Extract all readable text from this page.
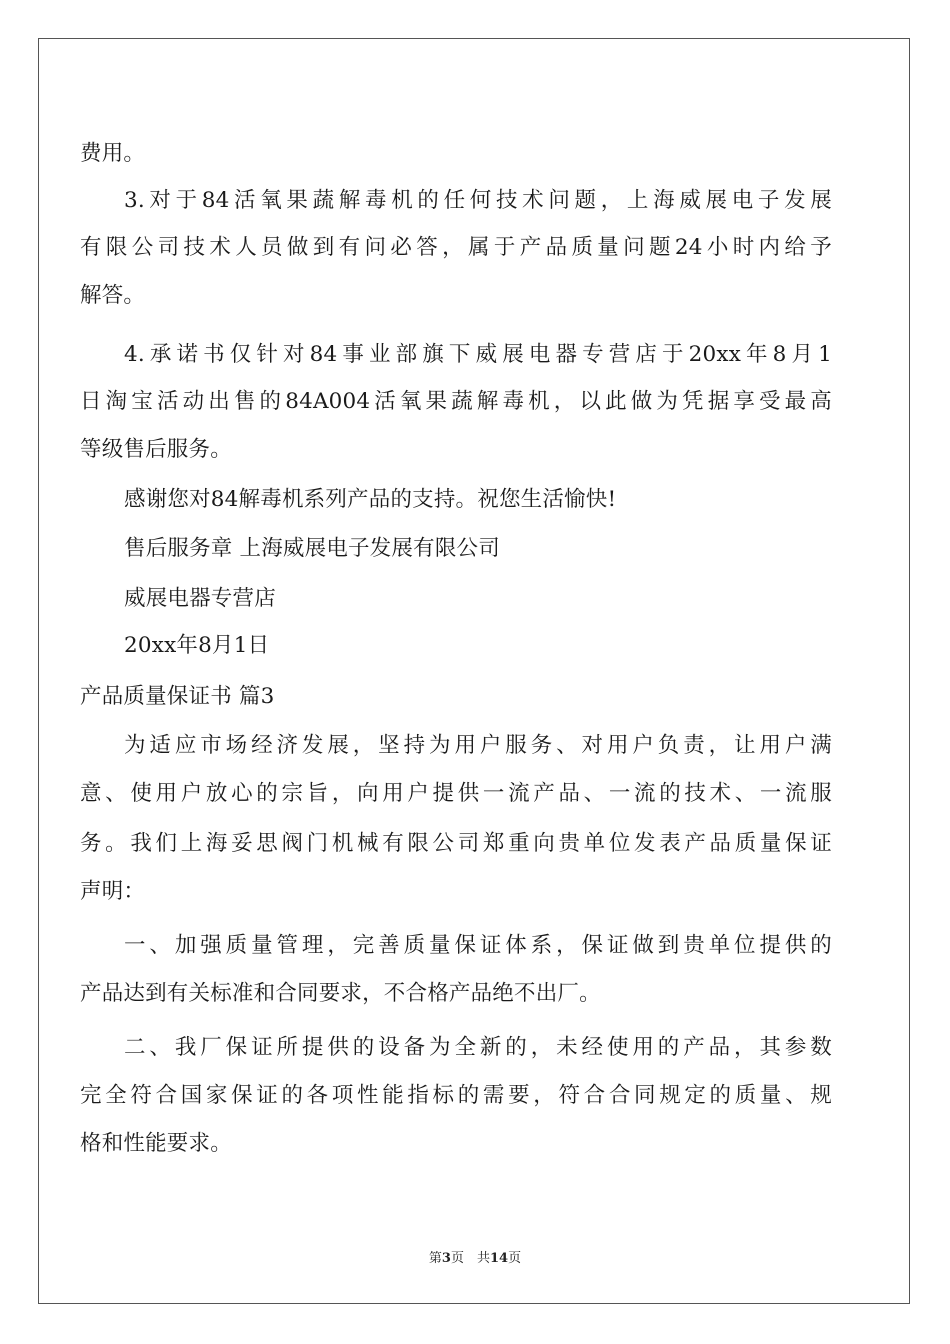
费用。
3.对于84活氧果蔬解毒机的任何技术问题，上海威展电子发展
有限公司技术人员做到有问必答，属于产品质量问题24小时内给予
解答。
4.承诺书仅针对84事业部旗下威展电器专营店于20xx年8月1
日淘宝活动出售的84A004活氧果蔬解毒机，以此做为凭据享受最高
等级售后服务。
感谢您对84解毒机系列产品的支持。祝您生活愉快!
售后服务章 上海威展电子发展有限公司
威展电器专营店
20xx年8月1日
产品质量保证书 篇3
为适应市场经济发展，坚持为用户服务、对用户负责，让用户满
意、使用户放心的宗旨，向用户提供一流产品、一流的技术、一流服
务。我们上海妥思阀门机械有限公司郑重向贵单位发表产品质量保证
声明：
一、加强质量管理，完善质量保证体系，保证做到贵单位提供的
产品达到有关标准和合同要求，不合格产品绝不出厂。
二、我厂保证所提供的设备为全新的，未经使用的产品，其参数
完全符合国家保证的各项性能指标的需要，符合合同规定的质量、规
格和性能要求。
第3页　共14页
